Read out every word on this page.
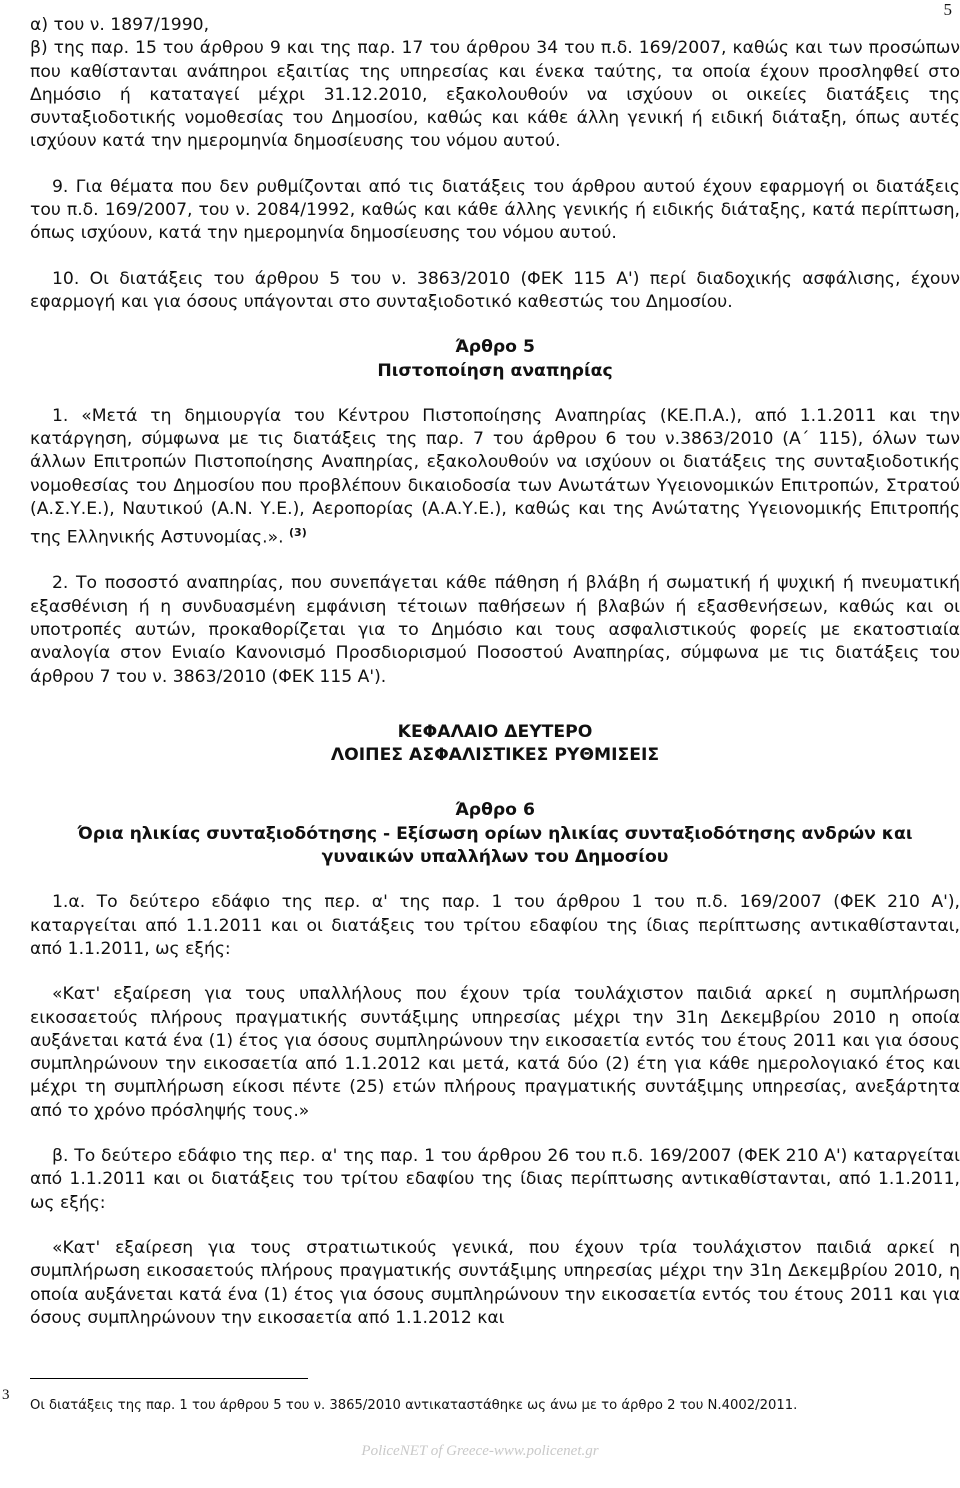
5

α) του ν. 1897/1990,

β) της παρ. 15 του άρθρου 9 και της παρ. 17 του άρθρου 34 του π.δ. 169/2007, καθώς και των προσώπων που καθίστανται ανάπηροι εξαιτίας της υπηρεσίας και ένεκα ταύτης, τα οποία έχουν προσληφθεί στο Δημόσιο ή καταταγεί μέχρι 31.12.2010, εξακολουθούν να ισχύουν οι οικείες διατάξεις της συνταξιοδοτικής νομοθεσίας του Δημοσίου, καθώς και κάθε άλλη γενική ή ειδική διάταξη, όπως αυτές ισχύουν κατά την ημερομηνία δημοσίευσης του νόμου αυτού.

9. Για θέματα που δεν ρυθμίζονται από τις διατάξεις του άρθρου αυτού έχουν εφαρμογή οι διατάξεις του π.δ. 169/2007, του ν. 2084/1992, καθώς και κάθε άλλης γενικής ή ειδικής διάταξης, κατά περίπτωση, όπως ισχύουν, κατά την ημερομηνία δημοσίευσης του νόμου αυτού.

10. Οι διατάξεις του άρθρου 5 του ν. 3863/2010 (ΦΕΚ 115 Α') περί διαδοχικής ασφάλισης, έχουν εφαρμογή και για όσους υπάγονται στο συνταξιοδοτικό καθεστώς του Δημοσίου.

Άρθρο 5

Πιστοποίηση αναπηρίας

1. «Μετά τη δημιουργία του Κέντρου Πιστοποίησης Αναπηρίας (ΚΕ.Π.Α.), από 1.1.2011 και την κατάργηση, σύμφωνα με τις διατάξεις της παρ. 7 του άρθρου 6 του ν.3863/2010 (Α΄ 115), όλων των άλλων Επιτροπών Πιστοποίησης Αναπηρίας, εξακολουθούν να ισχύουν οι διατάξεις της συνταξιοδοτικής νομοθεσίας του Δημοσίου που προβλέπουν δικαιοδοσία των Ανωτάτων Υγειονομικών Επιτροπών, Στρατού (Α.Σ.Υ.Ε.), Ναυτικού (Α.Ν. Υ.Ε.), Αεροπορίας (Α.Α.Υ.Ε.), καθώς και της Ανώτατης Υγειονομικής Επιτροπής της Ελληνικής Αστυνομίας.». $^{(3)}$

2. Το ποσοστό αναπηρίας, που συνεπάγεται κάθε πάθηση ή βλάβη ή σωματική ή ψυχική ή πνευματική εξασθένιση ή η συνδυασμένη εμφάνιση τέτοιων παθήσεων ή βλαβών ή εξασθενήσεων, καθώς και οι υποτροπές αυτών, προκαθορίζεται για το Δημόσιο και τους ασφαλιστικούς φορείς με εκατοστιαία αναλογία στον Ενιαίο Κανονισμό Προσδιορισμού Ποσοστού Αναπηρίας, σύμφωνα με τις διατάξεις του άρθρου 7 του ν. 3863/2010 (ΦΕΚ 115 Α').

ΚΕΦΑΛΑΙΟ ΔΕΥΤΕΡΟ

ΛΟΙΠΕΣ ΑΣΦΑΛΙΣΤΙΚΕΣ ΡΥΘΜΙΣΕΙΣ

Άρθρο 6

Όρια ηλικίας συνταξιοδότησης - Εξίσωση ορίων ηλικίας συνταξιοδότησης ανδρών και γυναικών υπαλλήλων του Δημοσίου

1.α. Το δεύτερο εδάφιο της περ. α' της παρ. 1 του άρθρου 1 του π.δ. 169/2007 (ΦΕΚ 210 Α'), καταργείται από 1.1.2011 και οι διατάξεις του τρίτου εδαφίου της ίδιας περίπτωσης αντικαθίστανται, από 1.1.2011, ως εξής:

«Κατ' εξαίρεση για τους υπαλλήλους που έχουν τρία τουλάχιστον παιδιά αρκεί η συμπλήρωση εικοσαετούς πλήρους πραγματικής συντάξιμης υπηρεσίας μέχρι την 31η Δεκεμβρίου 2010 η οποία αυξάνεται κατά ένα (1) έτος για όσους συμπληρώνουν την εικοσαετία εντός του έτους 2011 και για όσους συμπληρώνουν την εικοσαετία από 1.1.2012 και μετά, κατά δύο (2) έτη για κάθε ημερολογιακό έτος και μέχρι τη συμπλήρωση είκοσι πέντε (25) ετών πλήρους πραγματικής συντάξιμης υπηρεσίας, ανεξάρτητα από το χρόνο πρόσληψής τους.»

β. Το δεύτερο εδάφιο της περ. α' της παρ. 1 του άρθρου 26 του π.δ. 169/2007 (ΦΕΚ 210 Α') καταργείται από 1.1.2011 και οι διατάξεις του τρίτου εδαφίου της ίδιας περίπτωσης αντικαθίστανται, από 1.1.2011, ως εξής:

«Κατ' εξαίρεση για τους στρατιωτικούς γενικά, που έχουν τρία τουλάχιστον παιδιά αρκεί η συμπλήρωση εικοσαετούς πλήρους πραγματικής συντάξιμης υπηρεσίας μέχρι την 31η Δεκεμβρίου 2010, η οποία αυξάνεται κατά ένα (1) έτος για όσους συμπληρώνουν την εικοσαετία εντός του έτους 2011 και για όσους συμπληρώνουν την εικοσαετία από 1.1.2012 και

3
Οι διατάξεις της παρ. 1 του άρθρου 5 του ν. 3865/2010 αντικαταστάθηκε ως άνω με το άρθρο 2 του Ν.4002/2011.
PoliceNET of Greece-www.policenet.gr
